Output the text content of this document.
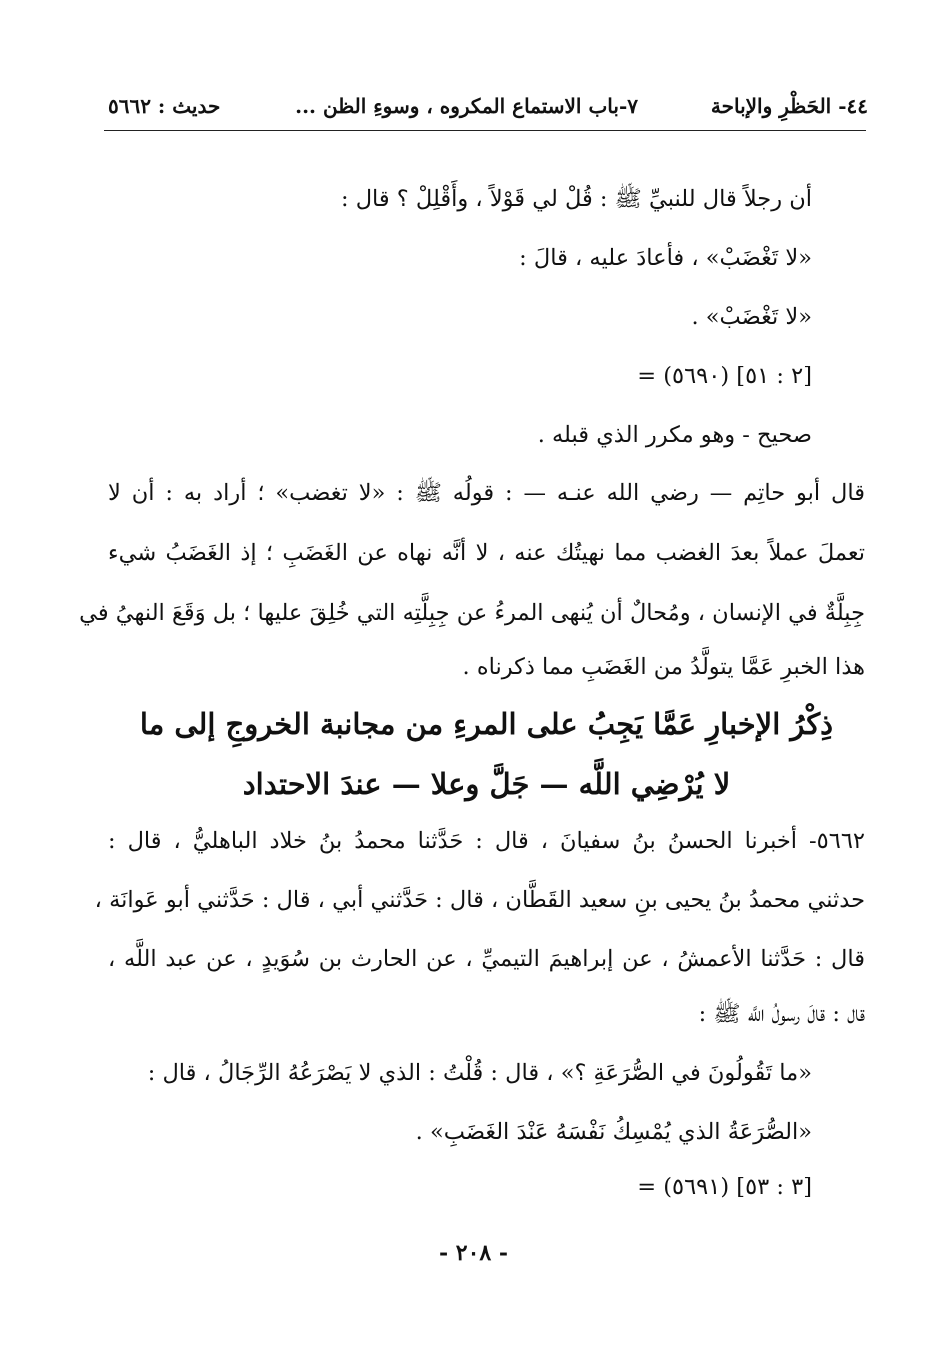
٤٤- الحَظْرِ والإباحة
٧-باب الاستماع المكروه ، وسوءِ الظن ...
حديث : ٥٦٦٢
أن رجلاً قال للنبيِّ ﷺ : قُلْ لي قَوْلاً ، وأَقْلِلْ ؟ قال :
«لا تَغْضَبْ» ، فأعادَ عليه ، قالَ :
«لا تَغْضَبْ» .
= (٥٦٩٠) [٢ : ٥١]
صحيح - وهو مكرر الذي قبله .
قال أبو حاتِم — رضي الله عنـه — : قولُه ﷺ : «لا تغضب» ؛ أراد به : أن لا
تعملَ عملاً بعدَ الغضب مما نهيتُك عنه ، لا أنَّه نهاه عن الغَضَبِ ؛ إذ الغَضَبُ شيء
جِبِلَّةٌ في الإنسان ، ومُحالٌ أن يُنهى المرءُ عن جِبِلَّتِه التي خُلِقَ عليها ؛ بل وَقَعَ النهيُ في
هذا الخبرِ عَمَّا يتولَّدُ من الغَضَبِ مما ذكرناه .
ذِكْرُ الإخبارِ عَمَّا يَجِبُ على المرءِ من مجانبة الخروجِ إلى ما
لا يُرْضِي اللَّه — جَلَّ وعلا — عندَ الاحتداد
٥٦٦٢- أخبرنا الحسنُ بنُ سفيانَ ، قال : حَدَّثنا محمدُ بنُ خلاد الباهليُّ ، قال :
حدثني محمدُ بنُ يحيى بنِ سعيد القَطَّان ، قال : حَدَّثني أبي ، قال : حَدَّثني أبو عَوانَة ،
قال : حَدَّثنا الأعمشُ ، عن إبراهيمَ التيميِّ ، عن الحارث بن سُوَيدٍ ، عن عبد اللَّه ،
قال : قالَ رسولُ اللَّه ﷺ :
«ما تَقُولُونَ في الصُّرَعَةِ ؟» ، قال : قُلْتُ : الذي لا يَصْرَعُهُ الرِّجَالُ ، قال :
«الصُّرَعَةُ الذي يُمْسِكُ نَفْسَهُ عَنْدَ الغَضَبِ» .
= (٥٦٩١) [٣ : ٥٣]
- ٢٠٨ -
